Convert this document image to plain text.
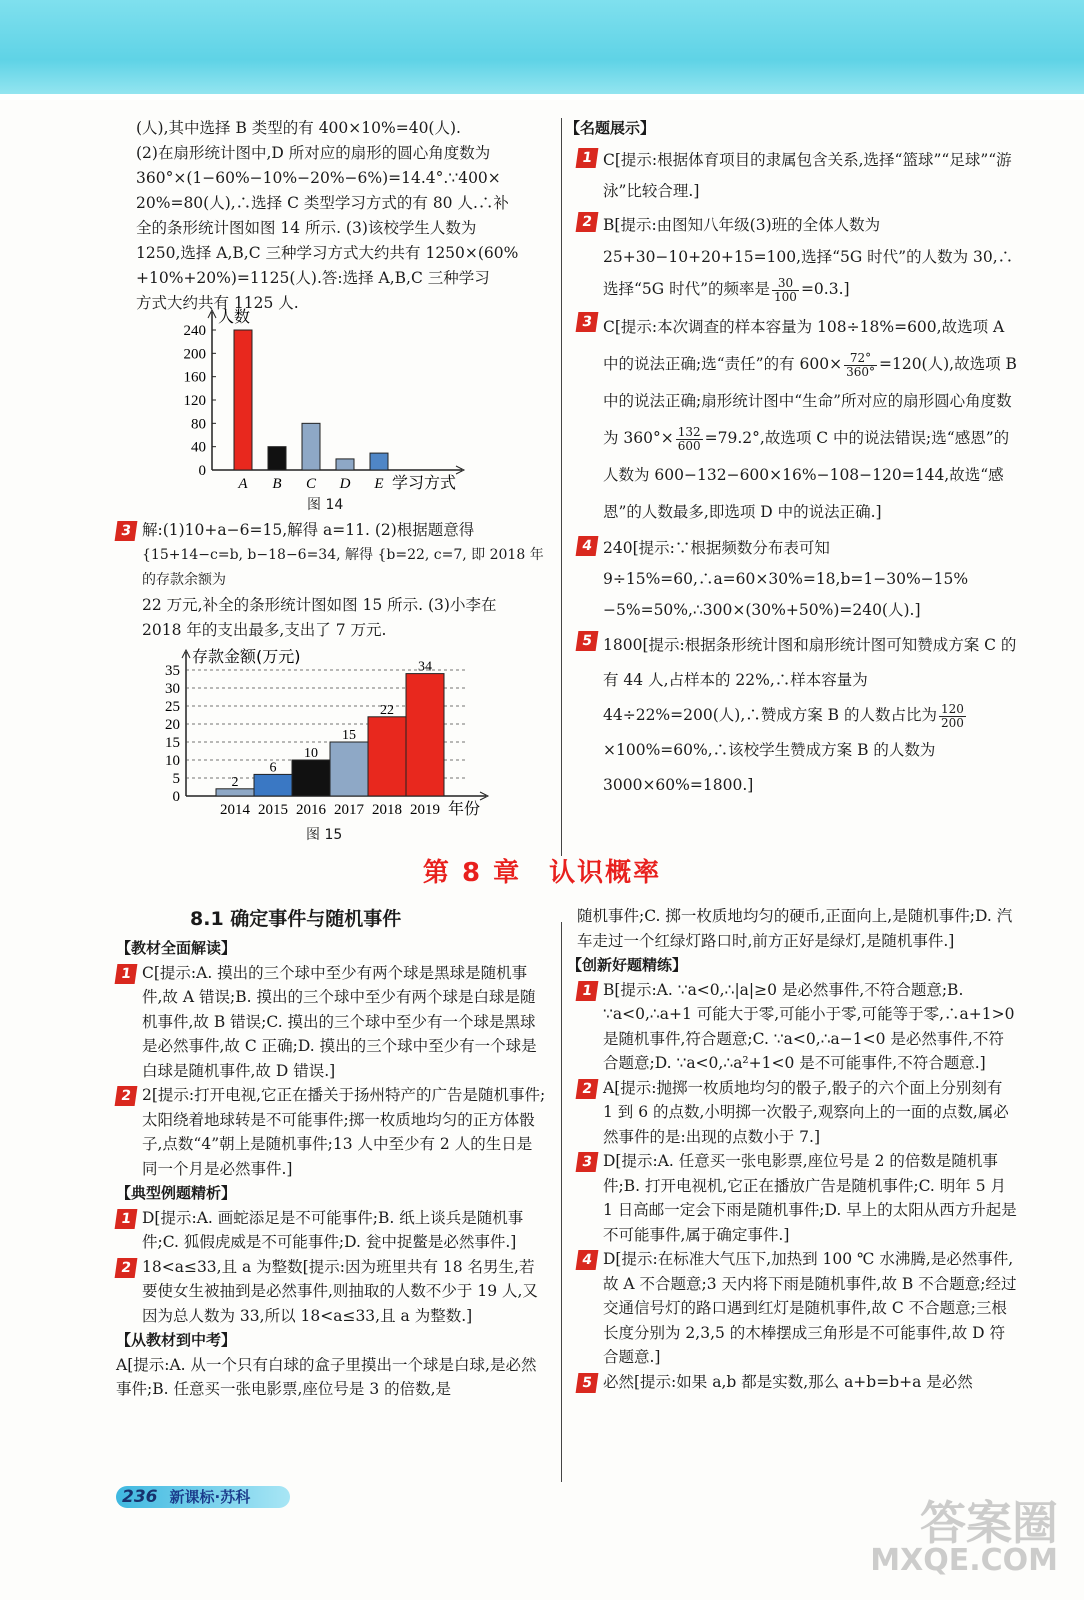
(人),其中选择 B 类型的有 400×10%=40(人).

(2)在扇形统计图中,D 所对应的扇形的圆心角度数为

360°×(1−60%−10%−20%−6%)=14.4°.∵400×

20%=80(人),∴选择 C 类型学习方式的有 80 人.∴补

全的条形统计图如图 14 所示. (3)该校学生人数为

1250,选择 A,B,C 三种学习方式大约共有 1250×(60%

+10%+20%)=1125(人).答:选择 A,B,C 三种学习

方式大约共有 1125 人.

0
40
80
120
160
200
240
人数
A B C D E 学习方式
图 14
3 解:(1)10+a−6=15,解得 a=11. (2)根据题意得

{15+14−c=b, b−18−6=34, 解得 {b=22, c=7, 即 2018 年的存款余额为

22 万元,补全的条形统计图如图 15 所示. (3)小李在

2018 年的支出最多,支出了 7 万元.

0
5
10
15
20
25
30
35
存款金额(万元)
2014
2
2015
6
2016
10
2017
15
2018
22
2019
34
年份
图 15

【名题展示】

1 C[提示:根据体育项目的隶属包含关系,选择“篮球”“足球”“游泳”比较合理.]
2 B[提示:由图知八年级(3)班的全体人数为 25+30−10+20+15=100,选择“5G 时代”的人数为 30,∴选择“5G 时代”的频率是 $\frac{30}{100} =0.3$.]
3 C[提示:本次调查的样本容量为 108÷18%=600,故选项 A 中的说法正确;选“责任”的有 $600\times \frac{72^\circ}{360^\circ} =120$(人),故选项 B 中的说法正确;扇形统计图中“生命”所对应的扇形圆心角度数为 $360^\circ\times \frac{132}{600} =79.2^\circ$,故选项 C 中的说法错误;选“感恩”的人数为 600−132−600×16%−108−120=144,故选“感恩”的人数最多,即选项 D 中的说法正确.]
4 240[提示:∵根据频数分布表可知 9÷15%=60,∴a=60×30%=18,b=1−30%−15%−5%=50%,∴300×(30%+50%)=240(人).]
5 1800[提示:根据条形统计图和扇形统计图可知赞成方案 C 的有 44 人,占样本的 22%,∴样本容量为 44÷22%=200(人),∴赞成方案 B 的人数占比为 $\frac{120}{200}$
×100%=60%,∴该校学生赞成方案 B 的人数为 3000×60%=1800.]
第 8 章 认识概率
8.1 确定事件与随机事件

【教材全面解读】

1 C[提示:A. 摸出的三个球中至少有两个球是黑球是随机事件,故 A 错误;B. 摸出的三个球中至少有两个球是白球是随机事件,故 B 错误;C. 摸出的三个球中至少有一个球是黑球是必然事件,故 C 正确;D. 摸出的三个球中至少有一个球是白球是随机事件,故 D 错误.]
2 2[提示:打开电视,它正在播关于扬州特产的广告是随机事件;太阳绕着地球转是不可能事件;掷一枚质地均匀的正方体骰子,点数“4”朝上是随机事件;13 人中至少有 2 人的生日是同一个月是必然事件.]

【典型例题精析】

1 D[提示:A. 画蛇添足是不可能事件;B. 纸上谈兵是随机事件;C. 狐假虎威是不可能事件;D. 瓮中捉鳖是必然事件.]
2 18<a≤33,且 a 为整数[提示:因为班里共有 18 名男生,若要使女生被抽到是必然事件,则抽取的人数不少于 19 人,又因为总人数为 33,所以 18<a≤33,且 a 为整数.]

【从教材到中考】

A[提示:A. 从一个只有白球的盒子里摸出一个球是白球,是必然事件;B. 任意买一张电影票,座位号是 3 的倍数,是

随机事件;C. 掷一枚质地均匀的硬币,正面向上,是随机事件;D. 汽车走过一个红绿灯路口时,前方正好是绿灯,是随机事件.]

【创新好题精练】

1 B[提示:A. ∵a<0,∴|a|≥0 是必然事件,不符合题意;B. ∵a<0,∴a+1 可能大于零,可能小于零,可能等于零,∴a+1>0 是随机事件,符合题意;C. ∵a<0,∴a−1<0 是必然事件,不符合题意;D. ∵a<0,∴a²+1<0 是不可能事件,不符合题意.]
2 A[提示:抛掷一枚质地均匀的骰子,骰子的六个面上分别刻有 1 到 6 的点数,小明掷一次骰子,观察向上的一面的点数,属必然事件的是:出现的点数小于 7.]
3 D[提示:A. 任意买一张电影票,座位号是 2 的倍数是随机事件;B. 打开电视机,它正在播放广告是随机事件;C. 明年 5 月 1 日高邮一定会下雨是随机事件;D. 早上的太阳从西方升起是不可能事件,属于确定事件.]
4 D[提示:在标准大气压下,加热到 100 ℃ 水沸腾,是必然事件,故 A 不合题意;3 天内将下雨是随机事件,故 B 不合题意;经过交通信号灯的路口遇到红灯是随机事件,故 C 不合题意;三根长度分别为 2,3,5 的木棒摆成三角形是不可能事件,故 D 符合题意.]
5 必然[提示:如果 a,b 都是实数,那么 a+b=b+a 是必然
236 新课标·苏科	答案圈
MXQE.COM
